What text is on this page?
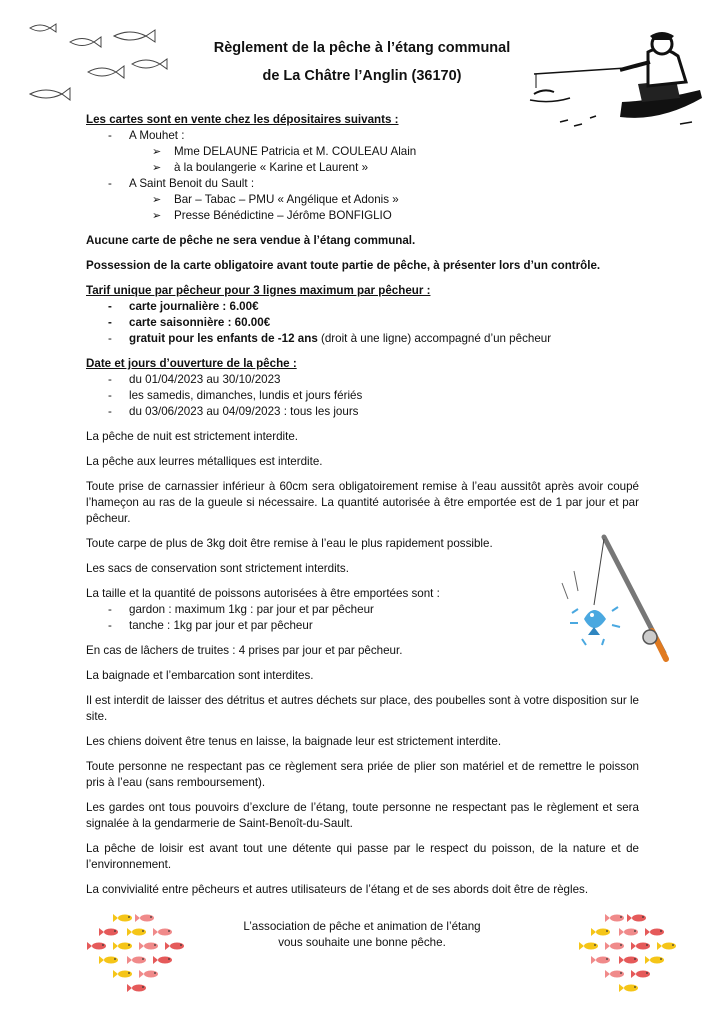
Règlement de la pêche à l’étang communal
de La Châtre l’Anglin (36170)

Les cartes sont en vente chez les dépositaires suivants :

- A Mouhet :

➢ Mme DELAUNE Patricia et M. COULEAU Alain

➢ à la boulangerie « Karine et Laurent »

- A Saint Benoit du Sault :

➢ Bar – Tabac – PMU « Angélique et Adonis »

➢ Presse Bénédictine – Jérôme BONFIGLIO

Aucune carte de pêche ne sera vendue à l’étang communal.

Possession de la carte obligatoire avant toute partie de pêche, à présenter lors d’un contrôle.

Tarif unique par pêcheur pour 3 lignes maximum par pêcheur :

- carte journalière : 6.00€

- carte saisonnière : 60.00€

- gratuit pour les enfants de -12 ans (droit à une ligne) accompagné d’un pêcheur

Date et jours d’ouverture de la pêche :

- du 01/04/2023 au 30/10/2023

- les samedis, dimanches, lundis et jours fériés

- du 03/06/2023 au 04/09/2023 : tous les jours

La pêche de nuit est strictement interdite.

La pêche aux leurres métalliques est interdite.

Toute prise de carnassier inférieur à 60cm sera obligatoirement remise à l’eau aussitôt après avoir coupé l’hameçon au ras de la gueule si nécessaire. La quantité autorisée à être emportée est de 1 par jour et par pêcheur.

Toute carpe de plus de 3kg doit être remise à l’eau le plus rapidement possible.

Les sacs de conservation sont strictement interdits.

La taille et la quantité de poissons autorisées à être emportées sont :

- gardon : maximum 1kg : par jour et par pêcheur

- tanche : 1kg par jour et par pêcheur

En cas de lâchers de truites : 4 prises par jour et par pêcheur.

La baignade et l’embarcation sont interdites.

Il est interdit de laisser des détritus et autres déchets sur place, des poubelles sont à votre disposition sur le site.

Les chiens doivent être tenus en laisse, la baignade leur est strictement interdite.

Toute personne ne respectant pas ce règlement sera priée de plier son matériel et de remettre le poisson pris à l’eau (sans remboursement).

Les gardes ont tous pouvoirs d’exclure de l’étang, toute personne ne respectant pas le règlement et sera signalée à la gendarmerie de Saint-Benoît-du-Sault.

La pêche de loisir est avant tout une détente qui passe par le respect du poisson, de la nature et de l’environnement.

La convivialité entre pêcheurs et autres utilisateurs de l’étang et de ses abords doit être de règles.

L’association de pêche et animation de l’étang
vous souhaite une bonne pêche.
